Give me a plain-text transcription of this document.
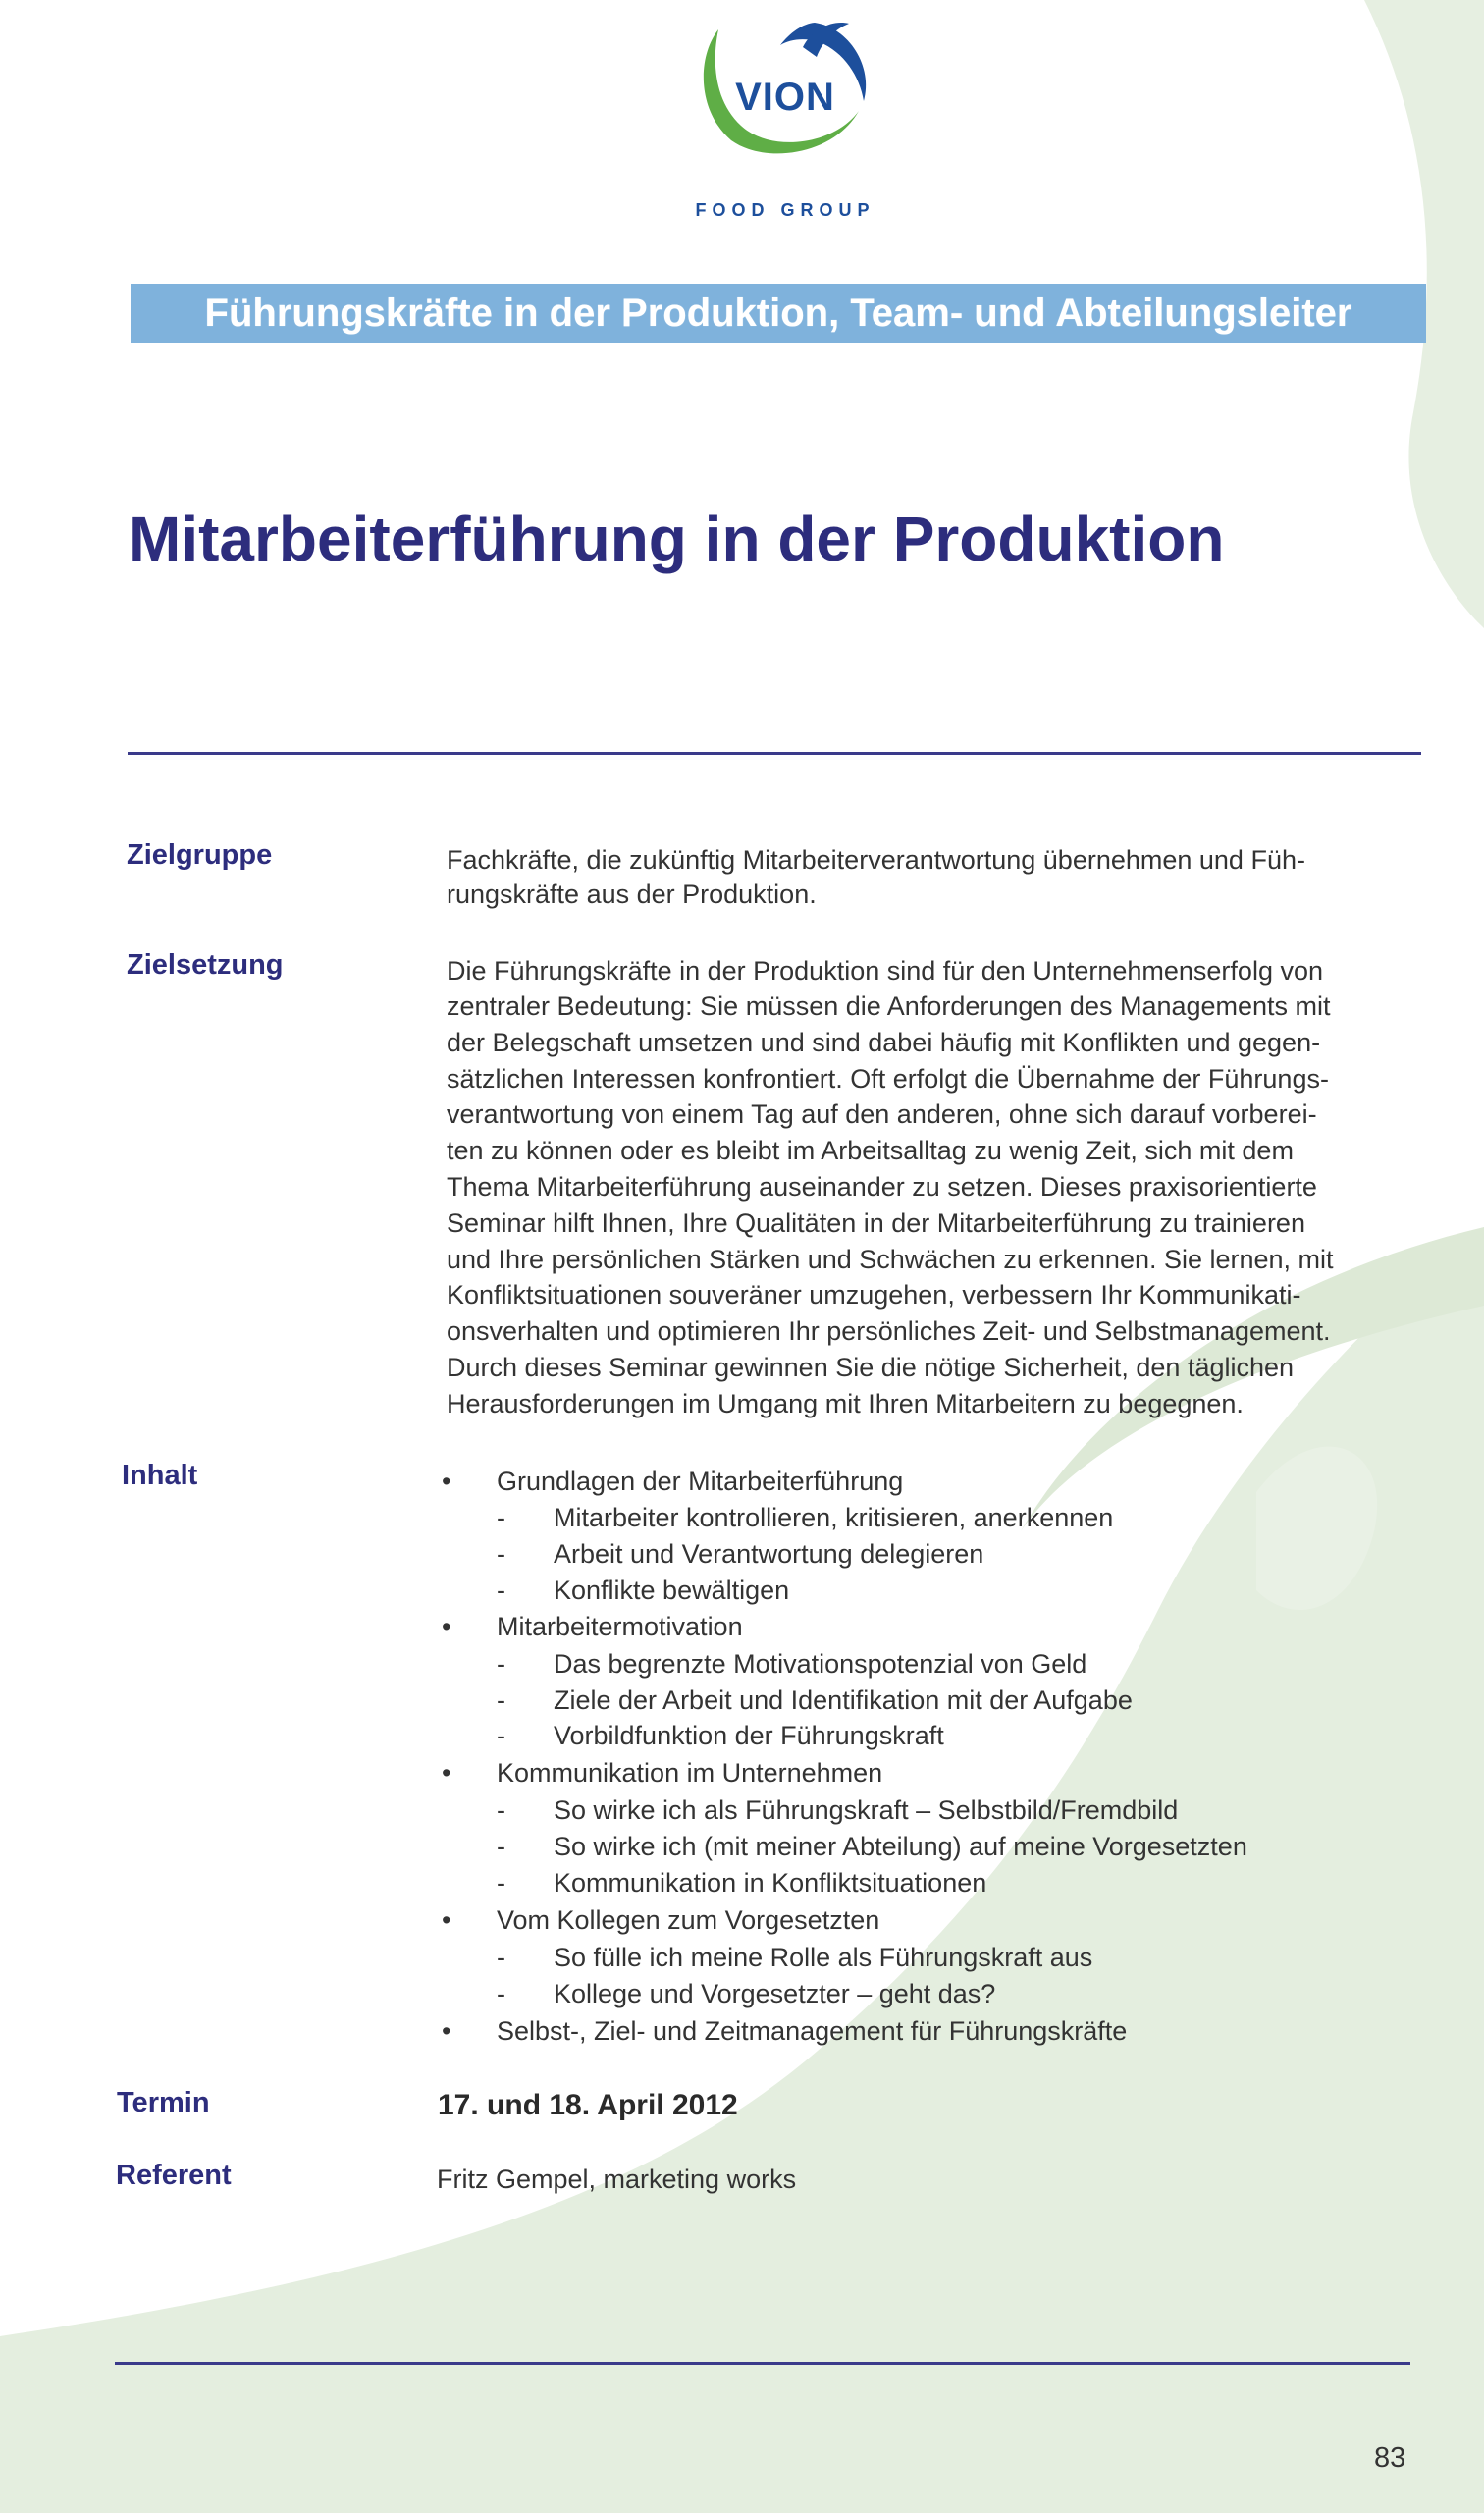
VION
FOOD GROUP
Führungskräfte in der Produktion, Team- und Abteilungsleiter
Mitarbeiterführung in der Produktion
Zielgruppe	Fachkräfte, die zukünftig Mitarbeiterverantwortung übernehmen und Füh-
rungskräfte aus der Produktion.
Zielsetzung	Die Führungskräfte in der Produktion sind für den Unternehmenserfolg von
zentraler Bedeutung: Sie müssen die Anforderungen des Managements mit
der Belegschaft umsetzen und sind dabei häufig mit Konflikten und gegen-
sätzlichen Interessen konfrontiert. Oft erfolgt die Übernahme der Führungs-
verantwortung von einem Tag auf den anderen, ohne sich darauf vorberei-
ten zu können oder es bleibt im Arbeitsalltag zu wenig Zeit, sich mit dem
Thema Mitarbeiterführung auseinander zu setzen. Dieses praxisorientierte
Seminar hilft Ihnen, Ihre Qualitäten in der Mitarbeiterführung zu trainieren
und Ihre persönlichen Stärken und Schwächen zu erkennen. Sie lernen, mit
Konfliktsituationen souveräner umzugehen, verbessern Ihr Kommunikati-
onsverhalten und optimieren Ihr persönliches Zeit- und Selbstmanagement.
Durch dieses Seminar gewinnen Sie die nötige Sicherheit, den täglichen
Herausforderungen im Umgang mit Ihren Mitarbeitern zu begegnen.
Inhalt	• Grundlagen der Mitarbeiterführung
- Mitarbeiter kontrollieren, kritisieren, anerkennen
- Arbeit und Verantwortung delegieren
- Konflikte bewältigen
• Mitarbeitermotivation
- Das begrenzte Motivationspotenzial von Geld
- Ziele der Arbeit und Identifikation mit der Aufgabe
- Vorbildfunktion der Führungskraft
• Kommunikation im Unternehmen
- So wirke ich als Führungskraft – Selbstbild/Fremdbild
- So wirke ich (mit meiner Abteilung) auf meine Vorgesetzten
- Kommunikation in Konfliktsituationen
• Vom Kollegen zum Vorgesetzten
- So fülle ich meine Rolle als Führungskraft aus
- Kollege und Vorgesetzter – geht das?
• Selbst-, Ziel- und Zeitmanagement für Führungskräfte
Termin	17. und 18. April 2012
Referent	Fritz Gempel, marketing works
83
